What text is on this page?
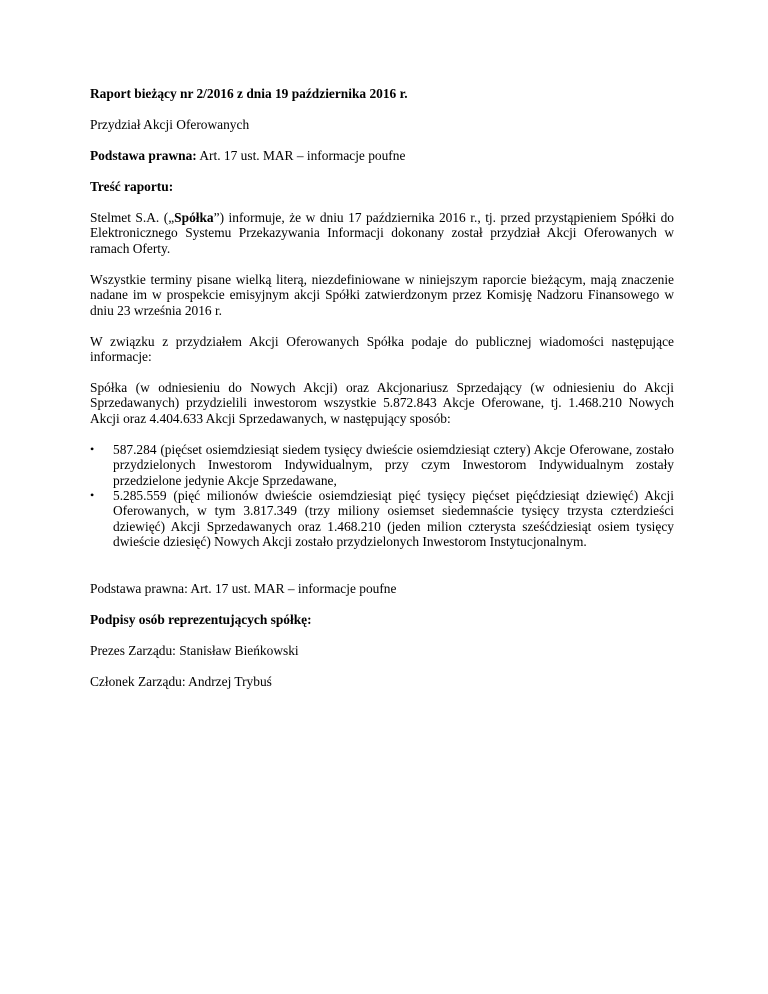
Raport bieżący nr 2/2016 z dnia 19 października 2016 r.

Przydział Akcji Oferowanych

Podstawa prawna: Art. 17 ust. MAR – informacje poufne

Treść raportu:

Stelmet S.A. („Spółka”) informuje, że w dniu 17 października 2016 r., tj. przed przystąpieniem Spółki do Elektronicznego Systemu Przekazywania Informacji dokonany został przydział Akcji Oferowanych w ramach Oferty.

Wszystkie terminy pisane wielką literą, niezdefiniowane w niniejszym raporcie bieżącym, mają znaczenie nadane im w prospekcie emisyjnym akcji Spółki zatwierdzonym przez Komisję Nadzoru Finansowego w dniu 23 września 2016 r.

W związku z przydziałem Akcji Oferowanych Spółka podaje do publicznej wiadomości następujące informacje:

Spółka (w odniesieniu do Nowych Akcji) oraz Akcjonariusz Sprzedający (w odniesieniu do Akcji Sprzedawanych) przydzielili inwestorom wszystkie 5.872.843 Akcje Oferowane, tj. 1.468.210 Nowych Akcji oraz 4.404.633 Akcji Sprzedawanych, w następujący sposób:

•	587.284 (pięćset osiemdziesiąt siedem tysięcy dwieście osiemdziesiąt cztery) Akcje Oferowane, zostało przydzielonych Inwestorom Indywidualnym, przy czym Inwestorom Indywidualnym zostały przedzielone jedynie Akcje Sprzedawane,
•	5.285.559 (pięć milionów dwieście osiemdziesiąt pięć tysięcy pięćset pięćdziesiąt dziewięć) Akcji Oferowanych, w tym 3.817.349 (trzy miliony osiemset siedemnaście tysięcy trzysta czterdzieści dziewięć) Akcji Sprzedawanych oraz 1.468.210 (jeden milion czterysta sześćdziesiąt osiem tysięcy dwieście dziesięć) Nowych Akcji zostało przydzielonych Inwestorom Instytucjonalnym.

Podstawa prawna: Art. 17 ust. MAR – informacje poufne

Podpisy osób reprezentujących spółkę:

Prezes Zarządu: Stanisław Bieńkowski

Członek Zarządu: Andrzej Trybuś
